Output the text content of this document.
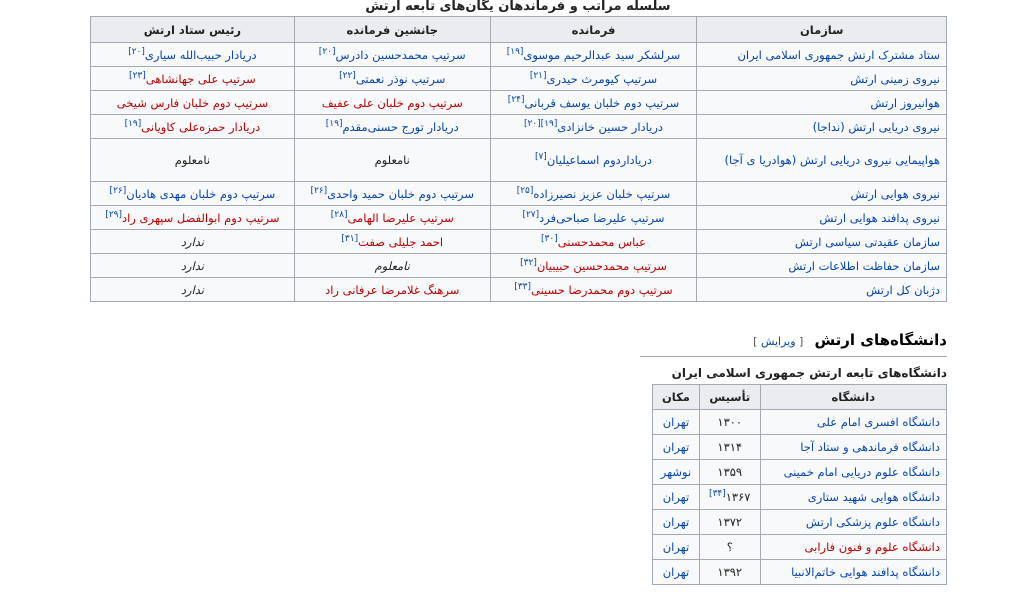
سلسله مراتب و فرماندهان یگان‌های تابعه ارتش
سازمان	فرمانده	جانشین فرمانده	رئیس ستاد ارتش
ستاد مشترک ارتش جمهوری اسلامی ایران	سرلشکر سید عبدالرحیم موسوی[۱۹]	سرتیپ محمدحسین دادرس[۲۰]	دریادار حبیب‌الله سیاری[۲۰]
نیروی زمینی ارتش	سرتیپ کیومرث حیدری[۲۱]	سرتیپ نوذر نعمتی[۲۲]	سرتیپ علی جهانشاهی[۲۳]
هوانیروز ارتش	سرتیپ دوم خلبان یوسف قربانی[۲۴]	سرتیپ دوم خلبان علی عفیف	سرتیپ دوم خلبان فارس شیخی
نیروی دریایی ارتش (نداجا)	دریادار حسین خانزادی[۱۹][۲۰]	دریادار تورج حسنی‌مقدم[۱۹]	دریادار حمزه‌علی کاویانی[۱۹]
هواپیمایی نیروی دریایی ارتش (هوادریا ی آجا)	دریاداردوم اسماعیلیان[۷]	نامعلوم	نامعلوم
نیروی هوایی ارتش	سرتیپ خلبان عزیز نصیرزاده[۲۵]	سرتیپ دوم خلبان حمید واحدی[۲۶]	سرتیپ دوم خلبان مهدی هادیان[۲۶]
نیروی پدافند هوایی ارتش	سرتیپ علیرضا صباحی‌فرد[۲۷]	سرتیپ علیرضا الهامی[۲۸]	سرتیپ دوم ابوالفضل سپهری راد[۲۹]
سازمان عقیدتی سیاسی ارتش	عباس محمدحسنی[۳۰]	احمد جلیلی صفت[۳۱]	ندارد
سازمان حفاظت اطلاعات ارتش	سرتیپ محمدحسین حبیبیان[۳۲]	نامعلوم	ندارد
دژبان کل ارتش	سرتیپ دوم محمدرضا حسینی[۳۳]	سرهنگ غلامرضا عرفانی راد	ندارد
دانشگاه‌های ارتش [ ویرایش ]
دانشگاه‌های تابعه ارتش جمهوری اسلامی ایران
دانشگاه	تأسیس	مکان
دانشگاه افسری امام علی	۱۳۰۰	تهران
دانشگاه فرماندهی و ستاد آجا	۱۳۱۴	تهران
دانشگاه علوم دریایی امام خمینی	۱۳۵۹	نوشهر
دانشگاه هوایی شهید ستاری	۱۳۶۷[۳۴]	تهران
دانشگاه علوم پزشکی ارتش	۱۳۷۲	تهران
دانشگاه علوم و فنون فارابی	؟	تهران
دانشگاه پدافند هوایی خاتم‌الانبیا	۱۳۹۲	تهران
